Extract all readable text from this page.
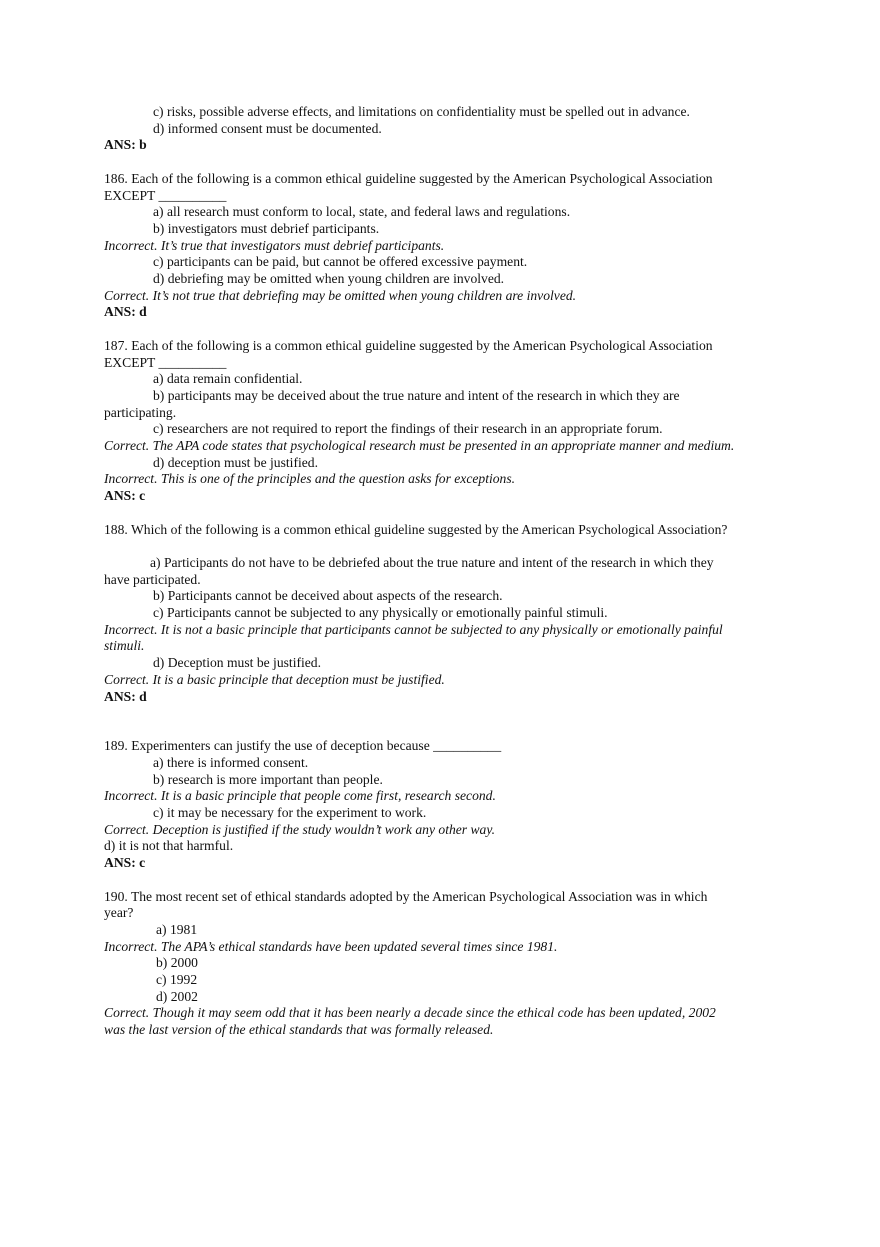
c) risks, possible adverse effects, and limitations on confidentiality must be spelled out in advance.
d) informed consent must be documented.
ANS: b
186. Each of the following is a common ethical guideline suggested by the American Psychological Association
EXCEPT __________
a) all research must conform to local, state, and federal laws and regulations.
b) investigators must debrief participants.
Incorrect. It’s true that investigators must debrief participants.
c) participants can be paid, but cannot be offered excessive payment.
d) debriefing may be omitted when young children are involved.
Correct. It’s not true that debriefing may be omitted when young children are involved.
ANS: d
187. Each of the following is a common ethical guideline suggested by the American Psychological Association
EXCEPT __________
a) data remain confidential.
b) participants may be deceived about the true nature and intent of the research in which they are
participating.
c) researchers are not required to report the findings of their research in an appropriate forum.
Correct. The APA code states that psychological research must be presented in an appropriate manner and medium.
d) deception must be justified.
Incorrect. This is one of the principles and the question asks for exceptions.
ANS: c
188. Which of the following is a common ethical guideline suggested by the American Psychological Association?
a) Participants do not have to be debriefed about the true nature and intent of the research in which they
have participated.
b) Participants cannot be deceived about aspects of the research.
c) Participants cannot be subjected to any physically or emotionally painful stimuli.
Incorrect. It is not a basic principle that participants cannot be subjected to any physically or emotionally painful
stimuli.
d) Deception must be justified.
Correct. It is a basic principle that deception must be justified.
ANS: d
189. Experimenters can justify the use of deception because __________
a) there is informed consent.
b) research is more important than people.
Incorrect. It is a basic principle that people come first, research second.
c) it may be necessary for the experiment to work.
Correct. Deception is justified if the study wouldn’t work any other way.
d) it is not that harmful.
ANS: c
190. The most recent set of ethical standards adopted by the American Psychological Association was in which
year?
a) 1981
Incorrect. The APA’s ethical standards have been updated several times since 1981.
b) 2000
c) 1992
d) 2002
Correct. Though it may seem odd that it has been nearly a decade since the ethical code has been updated, 2002
was the last version of the ethical standards that was formally released.
